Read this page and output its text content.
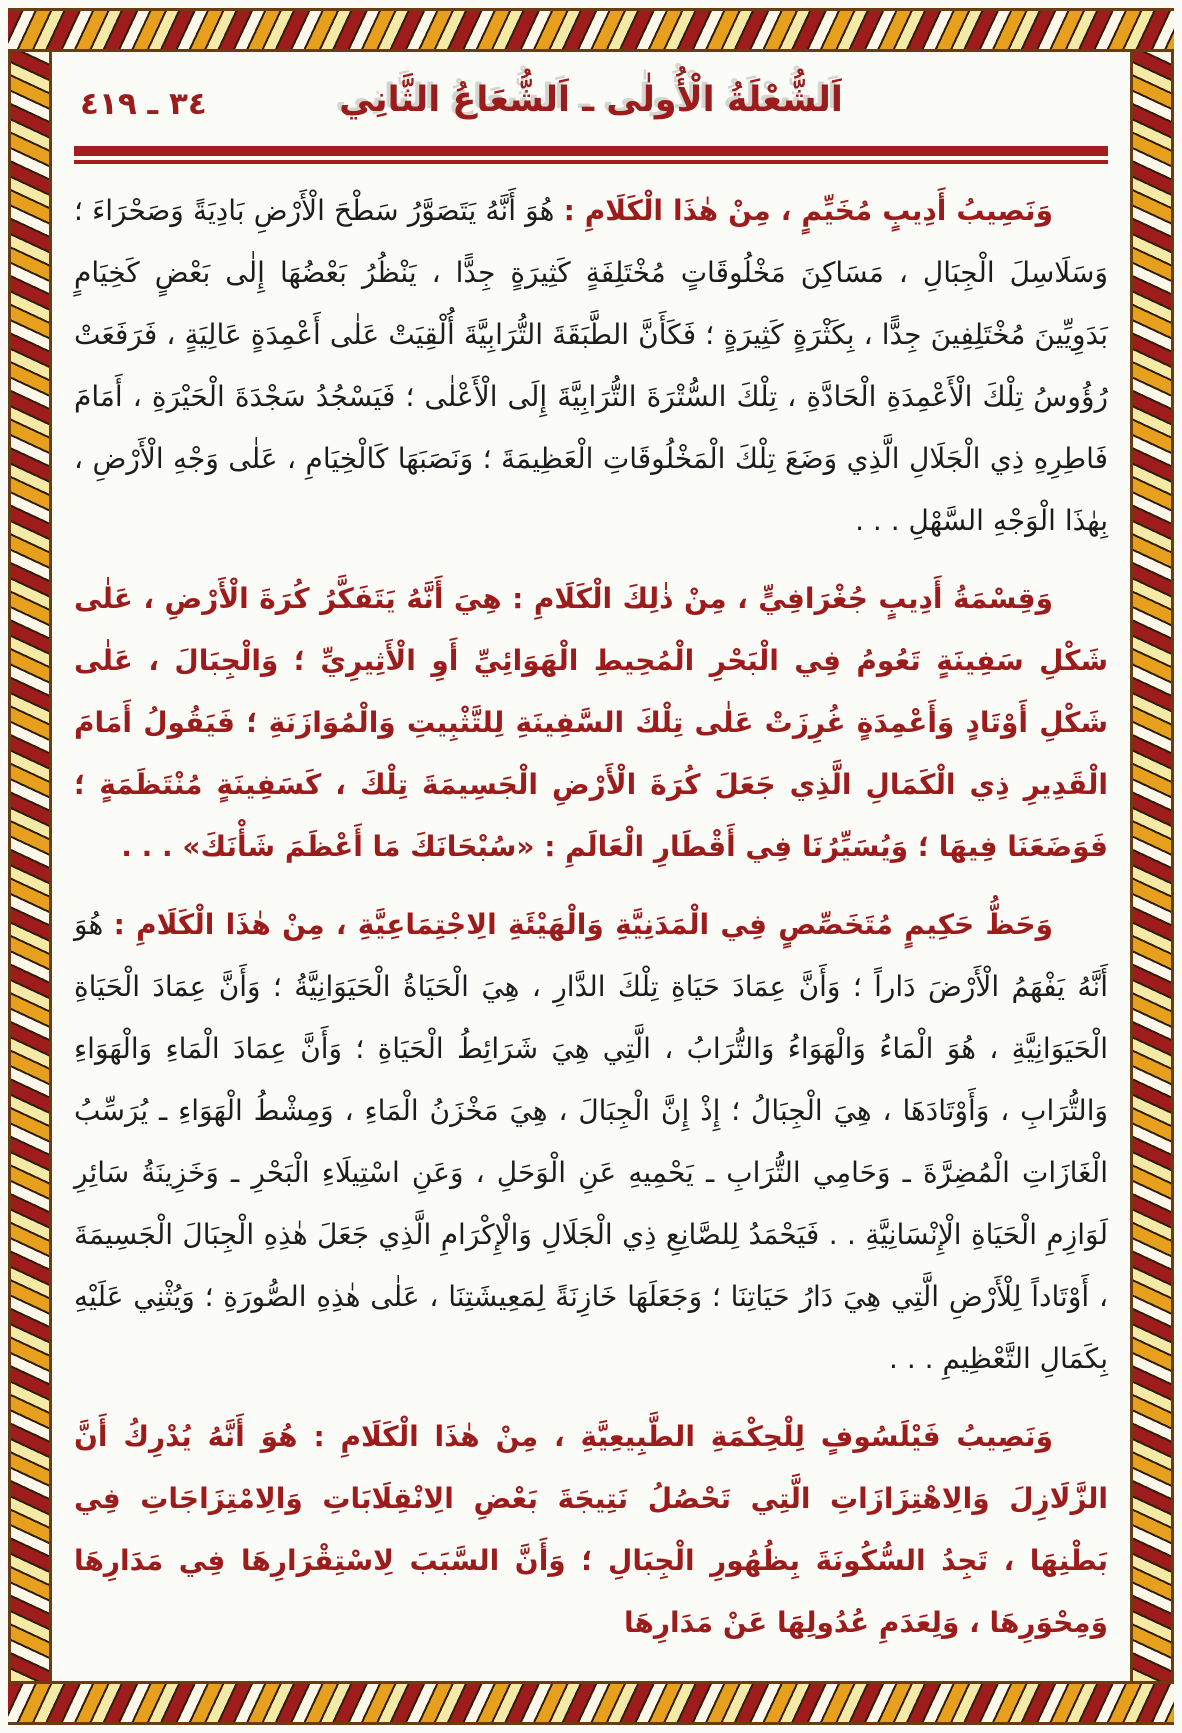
٣٤ ـ ٤١٩	اَلشُّعْلَةُ الْأُولٰى ـ اَلشُّعَاعُ الثَّانِي

وَنَصِيبُ أَدِيبٍ مُخَيِّمٍ ، مِنْ هٰذَا الْكَلَامِ : هُوَ أَنَّهُ يَتَصَوَّرُ سَطْحَ الْأَرْضِ بَادِيَةً وَصَحْرَاءَ ؛ وَسَلَاسِلَ الْجِبَالِ ، مَسَاكِنَ مَخْلُوقَاتٍ مُخْتَلِفَةٍ كَثِيرَةٍ جِدًّا ، يَنْظُرُ بَعْضُهَا إِلٰى بَعْضٍ كَخِيَامٍ بَدَوِيِّينَ مُخْتَلِفِينَ جِدًّا ، بِكَثْرَةٍ كَثِيرَةٍ ؛ فَكَأَنَّ الطَّبَقَةَ التُّرَابِيَّةَ أُلْقِيَتْ عَلٰى أَعْمِدَةٍ عَالِيَةٍ ، فَرَفَعَتْ رُؤُوسُ تِلْكَ الْأَعْمِدَةِ الْحَادَّةِ ، تِلْكَ السُّتْرَةَ التُّرَابِيَّةَ إِلَى الْأَعْلٰى ؛ فَيَسْجُدُ سَجْدَةَ الْحَيْرَةِ ، أَمَامَ فَاطِرِهِ ذِي الْجَلَالِ الَّذِي وَضَعَ تِلْكَ الْمَخْلُوقَاتِ الْعَظِيمَةَ ؛ وَنَصَبَهَا كَالْخِيَامِ ، عَلٰى وَجْهِ الْأَرْضِ ، بِهٰذَا الْوَجْهِ السَّهْلِ . . .

وَقِسْمَةُ أَدِيبٍ جُغْرَافِيٍّ ، مِنْ ذٰلِكَ الْكَلَامِ : هِيَ أَنَّهُ يَتَفَكَّرُ كُرَةَ الْأَرْضِ ، عَلٰى شَكْلِ سَفِينَةٍ تَعُومُ فِي الْبَحْرِ الْمُحِيطِ الْهَوَائِيِّ أَوِ الْأَثِيرِيِّ ؛ وَالْجِبَالَ ، عَلٰى شَكْلِ أَوْتَادٍ وَأَعْمِدَةٍ غُرِزَتْ عَلٰى تِلْكَ السَّفِينَةِ لِلتَّثْبِيتِ وَالْمُوَازَنَةِ ؛ فَيَقُولُ أَمَامَ الْقَدِيرِ ذِي الْكَمَالِ الَّذِي جَعَلَ كُرَةَ الْأَرْضِ الْجَسِيمَةَ تِلْكَ ، كَسَفِينَةٍ مُنْتَظَمَةٍ ؛ فَوَضَعَنَا فِيهَا ؛ وَيُسَيِّرُنَا فِي أَقْطَارِ الْعَالَمِ : «سُبْحَانَكَ مَا أَعْظَمَ شَأْنَكَ» . . .

وَحَظُّ حَكِيمٍ مُتَخَصِّصٍ فِي الْمَدَنِيَّةِ وَالْهَيْئَةِ الِاجْتِمَاعِيَّةِ ، مِنْ هٰذَا الْكَلَامِ : هُوَ أَنَّهُ يَفْهَمُ الْأَرْضَ دَاراً ؛ وَأَنَّ عِمَادَ حَيَاةِ تِلْكَ الدَّارِ ، هِيَ الْحَيَاةُ الْحَيَوَانِيَّةُ ؛ وَأَنَّ عِمَادَ الْحَيَاةِ الْحَيَوَانِيَّةِ ، هُوَ الْمَاءُ وَالْهَوَاءُ وَالتُّرَابُ ، الَّتِي هِيَ شَرَائِطُ الْحَيَاةِ ؛ وَأَنَّ عِمَادَ الْمَاءِ وَالْهَوَاءِ وَالتُّرَابِ ، وَأَوْتَادَهَا ، هِيَ الْجِبَالُ ؛ إِذْ إِنَّ الْجِبَالَ ، هِيَ مَخْزَنُ الْمَاءِ ، وَمِشْطُ الْهَوَاءِ ـ يُرَسِّبُ الْغَازَاتِ الْمُضِرَّةَ ـ وَحَامِي التُّرَابِ ـ يَحْمِيهِ عَنِ الْوَحَلِ ، وَعَنِ اسْتِيلَاءِ الْبَحْرِ ـ وَخَزِينَةُ سَائِرِ لَوَازِمِ الْحَيَاةِ الْإِنْسَانِيَّةِ . . فَيَحْمَدُ لِلصَّانِعِ ذِي الْجَلَالِ وَالْإِكْرَامِ الَّذِي جَعَلَ هٰذِهِ الْجِبَالَ الْجَسِيمَةَ ، أَوْتَاداً لِلْأَرْضِ الَّتِي هِيَ دَارُ حَيَاتِنَا ؛ وَجَعَلَهَا خَازِنَةً لِمَعِيشَتِنَا ، عَلٰى هٰذِهِ الصُّورَةِ ؛ وَيُثْنِي عَلَيْهِ بِكَمَالِ التَّعْظِيمِ . . .

وَنَصِيبُ فَيْلَسُوفٍ لِلْحِكْمَةِ الطَّبِيعِيَّةِ ، مِنْ هٰذَا الْكَلَامِ : هُوَ أَنَّهُ يُدْرِكُ أَنَّ الزَّلَازِلَ وَالِاهْتِزَازَاتِ الَّتِي تَحْصُلُ نَتِيجَةَ بَعْضِ الِانْقِلَابَاتِ وَالِامْتِزَاجَاتِ فِي بَطْنِهَا ، تَجِدُ السُّكُونَةَ بِظُهُورِ الْجِبَالِ ؛ وَأَنَّ السَّبَبَ لِاسْتِقْرَارِهَا فِي مَدَارِهَا وَمِحْوَرِهَا ، وَلِعَدَمِ عُدُولِهَا عَنْ مَدَارِهَا
